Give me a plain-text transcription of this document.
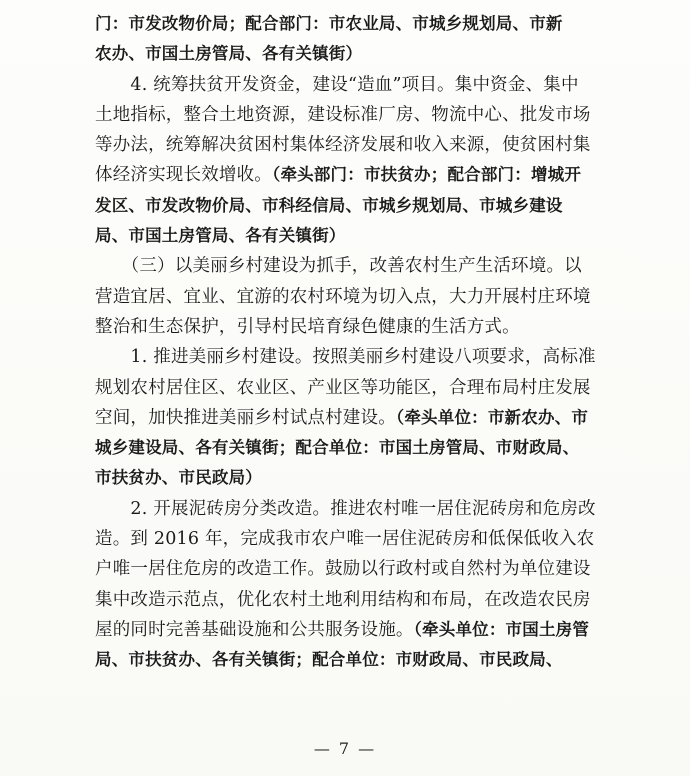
门：市发改物价局；配合部门：市农业局、市城乡规划局、市新
农办、市国土房管局、各有关镇街）
　　4. 统筹扶贫开发资金，建设“造血”项目。集中资金、集中
土地指标，整合土地资源，建设标准厂房、物流中心、批发市场
等办法，统筹解决贫困村集体经济发展和收入来源，使贫困村集
体经济实现长效增收。（牵头部门：市扶贫办；配合部门：增城开
发区、市发改物价局、市科经信局、市城乡规划局、市城乡建设
局、市国土房管局、各有关镇街）
　　（三）以美丽乡村建设为抓手，改善农村生产生活环境。以
营造宜居、宜业、宜游的农村环境为切入点，大力开展村庄环境
整治和生态保护，引导村民培育绿色健康的生活方式。
　　1. 推进美丽乡村建设。按照美丽乡村建设八项要求，高标准
规划农村居住区、农业区、产业区等功能区，合理布局村庄发展
空间，加快推进美丽乡村试点村建设。（牵头单位：市新农办、市
城乡建设局、各有关镇街；配合单位：市国土房管局、市财政局、
市扶贫办、市民政局）
　　2. 开展泥砖房分类改造。推进农村唯一居住泥砖房和危房改
造。到 2016 年，完成我市农户唯一居住泥砖房和低保低收入农
户唯一居住危房的改造工作。鼓励以行政村或自然村为单位建设
集中改造示范点，优化农村土地利用结构和布局，在改造农民房
屋的同时完善基础设施和公共服务设施。（牵头单位：市国土房管
局、市扶贫办、各有关镇街；配合单位：市财政局、市民政局、
— 7 —
